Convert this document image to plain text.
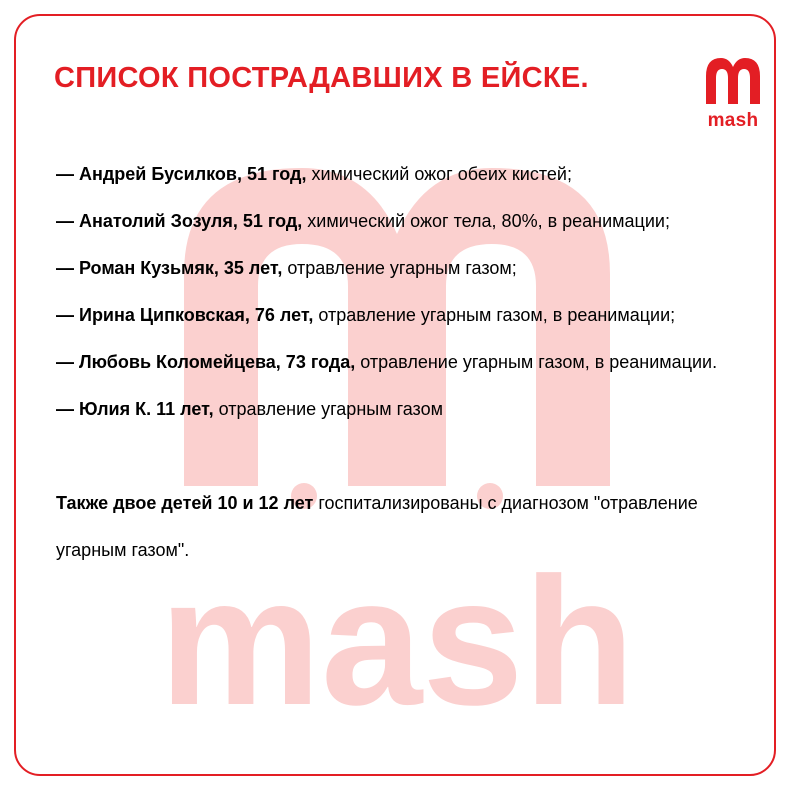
mash
СПИСОК ПОСТРАДАВШИХ В ЕЙСКЕ.
mash

— Андрей Бусилков, 51 год, химический ожог обеих кистей;

— Анатолий Зозуля, 51 год, химический ожог тела, 80%, в реанимации;

— Роман Кузьмяк, 35 лет, отравление угарным газом;

— Ирина Ципковская, 76 лет, отравление угарным газом, в реанимации;

— Любовь Коломейцева, 73 года, отравление угарным газом, в реанимации.

— Юлия К. 11 лет, отравление угарным газом

Также двое детей 10 и 12 лет госпитализированы с диагнозом "отравление угарным газом".
